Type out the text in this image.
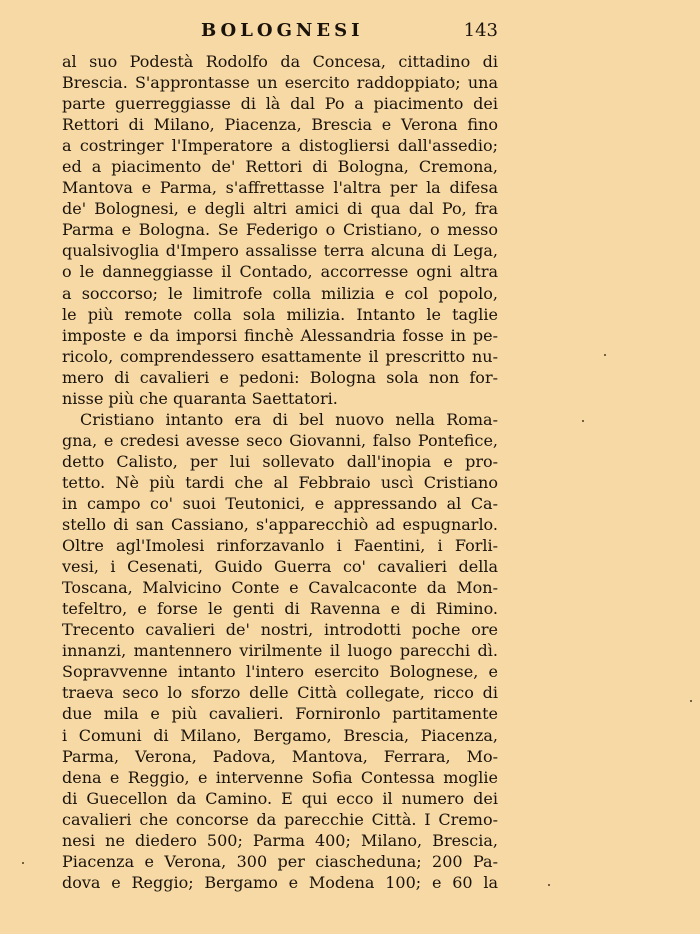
BOLOGNESI	143
al suo Podestà Rodolfo da Concesa, cittadino di
Brescia. S'approntasse un esercito raddoppiato; una
parte guerreggiasse di là dal Po a piacimento dei
Rettori di Milano, Piacenza, Brescia e Verona fino
a costringer l'Imperatore a distogliersi dall'assedio;
ed a piacimento de' Rettori di Bologna, Cremona,
Mantova e Parma, s'affrettasse l'altra per la difesa
de' Bolognesi, e degli altri amici di qua dal Po, fra
Parma e Bologna. Se Federigo o Cristiano, o messo
qualsivoglia d'Impero assalisse terra alcuna di Lega,
o le danneggiasse il Contado, accorresse ogni altra
a soccorso; le limitrofe colla milizia e col popolo,
le più remote colla sola milizia. Intanto le taglie
imposte e da imporsi finchè Alessandria fosse in pe-
ricolo, comprendessero esattamente il prescritto nu-
mero di cavalieri e pedoni: Bologna sola non for-
nisse più che quaranta Saettatori.
Cristiano intanto era di bel nuovo nella Roma-
gna, e credesi avesse seco Giovanni, falso Pontefice,
detto Calisto, per lui sollevato dall'inopia e pro-
tetto. Nè più tardi che al Febbraio uscì Cristiano
in campo co' suoi Teutonici, e appressando al Ca-
stello di san Cassiano, s'apparecchiò ad espugnarlo.
Oltre agl'Imolesi rinforzavanlo i Faentini, i Forli-
vesi, i Cesenati, Guido Guerra co' cavalieri della
Toscana, Malvicino Conte e Cavalcaconte da Mon-
tefeltro, e forse le genti di Ravenna e di Rimino.
Trecento cavalieri de' nostri, introdotti poche ore
innanzi, mantennero virilmente il luogo parecchi dì.
Sopravvenne intanto l'intero esercito Bolognese, e
traeva seco lo sforzo delle Città collegate, ricco di
due mila e più cavalieri. Fornironlo partitamente
i Comuni di Milano, Bergamo, Brescia, Piacenza,
Parma, Verona, Padova, Mantova, Ferrara, Mo-
dena e Reggio, e intervenne Sofia Contessa moglie
di Guecellon da Camino. E qui ecco il numero dei
cavalieri che concorse da parecchie Città. I Cremo-
nesi ne diedero 500; Parma 400; Milano, Brescia,
Piacenza e Verona, 300 per ciascheduna; 200 Pa-
dova e Reggio; Bergamo e Modena 100; e 60 la
